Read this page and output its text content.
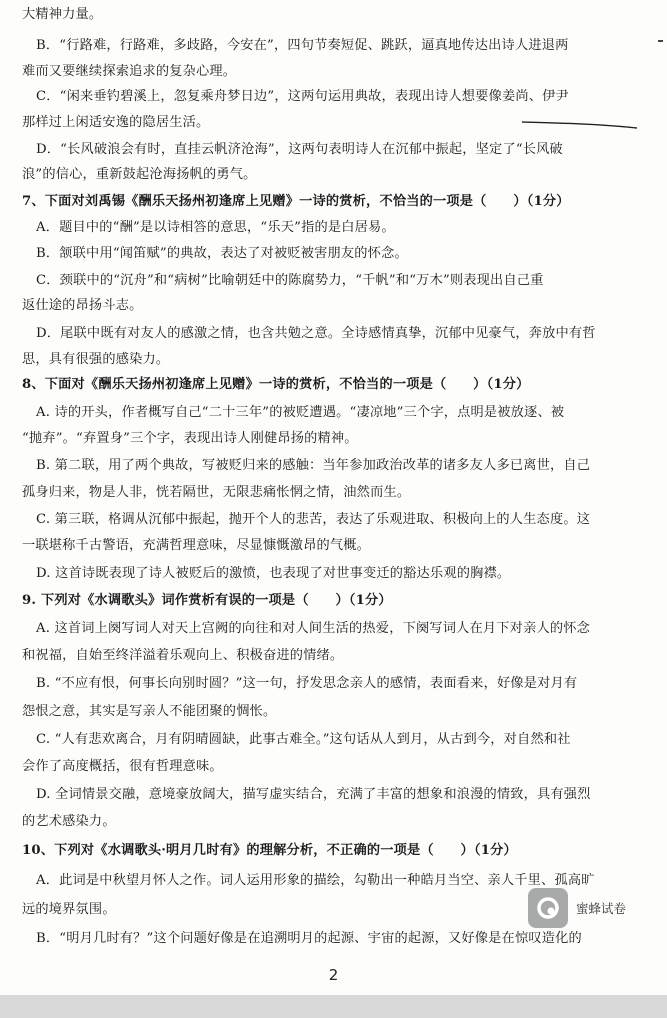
大精神力量。
B．“行路难，行路难，多歧路，今安在”，四句节奏短促、跳跃，逼真地传达出诗人进退两
难而又要继续探索追求的复杂心理。
C．“闲来垂钓碧溪上，忽复乘舟梦日边”，这两句运用典故，表现出诗人想要像姜尚、伊尹
那样过上闲适安逸的隐居生活。
D．“长风破浪会有时，直挂云帆济沧海”，这两句表明诗人在沉郁中振起，坚定了“长风破
浪”的信心，重新鼓起沧海扬帆的勇气。
7、下面对刘禹锡《酬乐天扬州初逢席上见赠》一诗的赏析，不恰当的一项是（　　）（1分）
A．题目中的“酬”是以诗相答的意思，“乐天”指的是白居易。
B．颔联中用“闻笛赋”的典故，表达了对被贬被害朋友的怀念。
C．颈联中的“沉舟”和“病树”比喻朝廷中的陈腐势力，“千帆”和“万木”则表现出自己重
返仕途的昂扬斗志。
D．尾联中既有对友人的感激之情，也含共勉之意。全诗感情真挚，沉郁中见豪气，奔放中有哲
思，具有很强的感染力。
8、下面对《酬乐天扬州初逢席上见赠》一诗的赏析，不恰当的一项是（　　）（1分）
A. 诗的开头，作者概写自己“二十三年”的被贬遭遇。“凄凉地”三个字，点明是被放逐、被
“抛弃”。“弃置身”三个字，表现出诗人刚健昂扬的精神。
B. 第二联，用了两个典故，写被贬归来的感触：当年参加政治改革的诸多友人多已离世，自己
孤身归来，物是人非，恍若隔世，无限悲痛怅惘之情，油然而生。
C. 第三联，格调从沉郁中振起，抛开个人的悲苦，表达了乐观进取、积极向上的人生态度。这
一联堪称千古警语，充满哲理意味，尽显慷慨激昂的气概。
D. 这首诗既表现了诗人被贬后的激愤，也表现了对世事变迁的豁达乐观的胸襟。
9. 下列对《水调歌头》词作赏析有误的一项是（　　）（1分）
A. 这首词上阕写词人对天上宫阙的向往和对人间生活的热爱，下阕写词人在月下对亲人的怀念
和祝福，自始至终洋溢着乐观向上、积极奋进的情绪。
B. “不应有恨，何事长向别时圆？”这一句，抒发思念亲人的感情，表面看来，好像是对月有
怨恨之意，其实是写亲人不能团聚的惆怅。
C. “人有悲欢离合，月有阴晴圆缺，此事古难全。”这句话从人到月，从古到今，对自然和社
会作了高度概括，很有哲理意味。
D. 全词情景交融，意境豪放阔大，描写虚实结合，充满了丰富的想象和浪漫的情致，具有强烈
的艺术感染力。
10、下列对《水调歌头·明月几时有》的理解分析，不正确的一项是（　　）（1分）
A．此词是中秋望月怀人之作。词人运用形象的描绘，勾勒出一种皓月当空、亲人千里、孤高旷
远的境界氛围。
B．“明月几时有？”这个问题好像是在追溯明月的起源、宇宙的起源，又好像是在惊叹造化的
蜜蜂试卷
2
